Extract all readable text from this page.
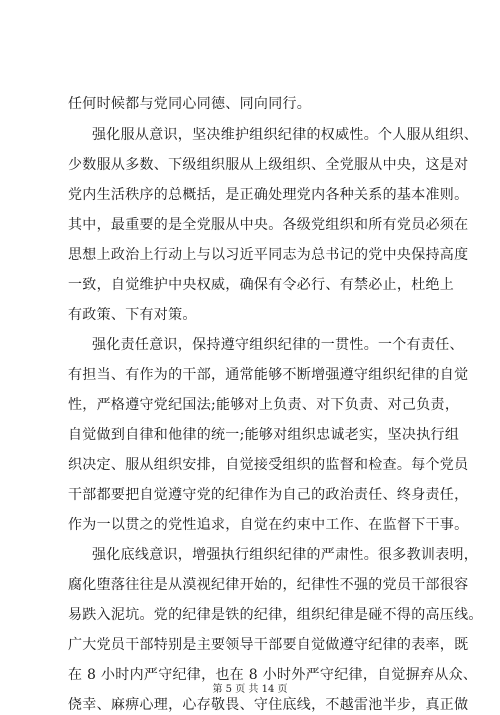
任何时候都与党同心同德、同向同行。
强化服从意识，坚决维护组织纪律的权威性。个人服从组织、
少数服从多数、下级组织服从上级组织、全党服从中央，这是对
党内生活秩序的总概括，是正确处理党内各种关系的基本准则。
其中，最重要的是全党服从中央。各级党组织和所有党员必须在
思想上政治上行动上与以习近平同志为总书记的党中央保持高度
一致，自觉维护中央权威，确保有令必行、有禁必止，杜绝上
有政策、下有对策。
强化责任意识，保持遵守组织纪律的一贯性。一个有责任、
有担当、有作为的干部，通常能够不断增强遵守组织纪律的自觉
性，严格遵守党纪国法;能够对上负责、对下负责、对己负责，
自觉做到自律和他律的统一;能够对组织忠诚老实，坚决执行组
织决定、服从组织安排，自觉接受组织的监督和检查。每个党员
干部都要把自觉遵守党的纪律作为自己的政治责任、终身责任，
作为一以贯之的党性追求，自觉在约束中工作、在监督下干事。
强化底线意识，增强执行组织纪律的严肃性。很多教训表明，
腐化堕落往往是从漠视纪律开始的，纪律性不强的党员干部很容
易跌入泥坑。党的纪律是铁的纪律，组织纪律是碰不得的高压线。
广大党员干部特别是主要领导干部要自觉做遵守纪律的表率，既
在 8 小时内严守纪律，也在 8 小时外严守纪律，自觉摒弃从众、
侥幸、麻痹心理，心存敬畏、守住底线，不越雷池半步，真正做
第 5 页 共 14 页
